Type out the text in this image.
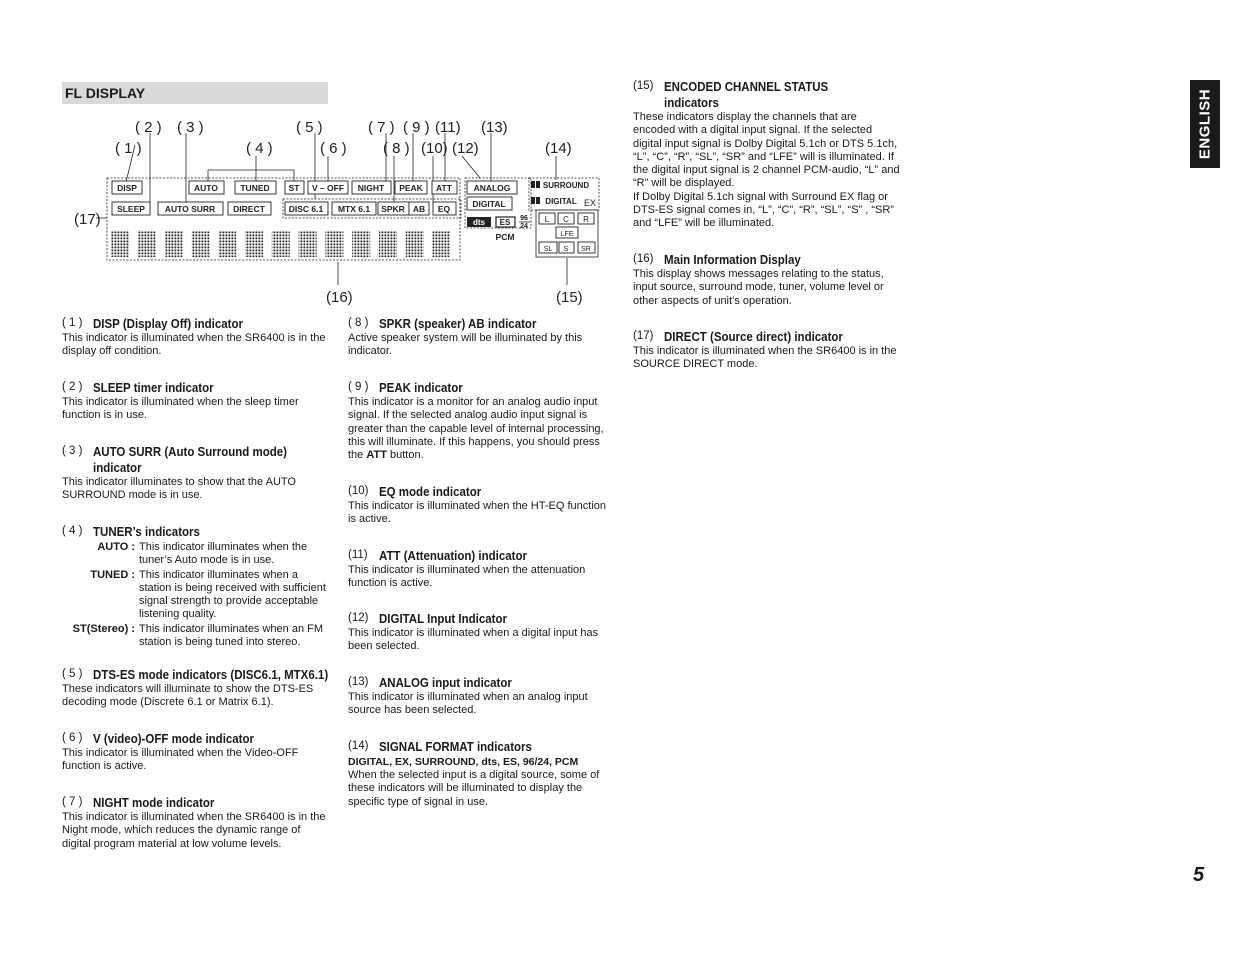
FL DISPLAY	ENGLISH
( 1 )
( 2 ) ( 3 )
( 4 )
( 5 )
( 6 )
( 7 )
( 8 )
( 9 )
(10)
(11)
(12)
(13)
(14)
(15)
(16)
(17)
DISP
SLEEP
AUTO	TUNED ST
AUTO SURR DIRECT
V – OFF NIGHT PEAK ATT
DISC 6.1 MTX 6.1 SPKR AB EQ
ANALOG
DIGITAL
SURROUND
DIGITAL EX
dts ES 96
24
PCM
L C R
LFE
SL S SR
( 1 ) DISP (Display Off) indicator
This indicator is illuminated when the SR6400 is in the display off condition.
( 2 ) SLEEP timer indicator
This indicator is illuminated when the sleep timer function is in use.
( 3 ) AUTO SURR (Auto Surround mode)
indicator
This indicator illuminates to show that the AUTO SURROUND mode is in use.
( 4 ) TUNER’s indicators
AUTO : This indicator illuminates when the tuner’s Auto mode is in use.
TUNED : This indicator illuminates when a station is being received with sufficient signal strength to provide acceptable listening quality.
ST(Stereo) : This indicator illuminates when an FM station is being tuned into stereo.
( 5 ) DTS-ES mode indicators (DISC6.1, MTX6.1)
These indicators will illuminate to show the DTS-ES decoding mode (Discrete 6.1 or Matrix 6.1).
( 6 ) V (video)-OFF mode indicator
This indicator is illuminated when the Video-OFF function is active.
( 7 ) NIGHT mode indicator
This indicator is illuminated when the SR6400 is in the Night mode, which reduces the dynamic range of digital program material at low volume levels.
( 8 ) SPKR (speaker) AB indicator
Active speaker system will be illuminated by this indicator.
( 9 ) PEAK indicator
This indicator is a monitor for an analog audio input signal. If the selected analog audio input signal is greater than the capable level of internal processing, this will illuminate. If this happens, you should press the ATT button.
(10) EQ mode indicator
This indicator is illuminated when the HT-EQ function is active.
(11) ATT (Attenuation) indicator
This indicator is illuminated when the attenuation function is active.
(12) DIGITAL Input Indicator
This indicator is illuminated when a digital input has been selected.
(13) ANALOG input indicator
This indicator is illuminated when an analog input source has been selected.
(14) SIGNAL FORMAT indicators
DIGITAL, EX, SURROUND, dts, ES, 96/24, PCM
When the selected input is a digital source, some of these indicators will be illuminated to display the specific type of signal in use.
(15) ENCODED CHANNEL STATUS
indicators
These indicators display the channels that are encoded with a digital input signal. If the selected digital input signal is Dolby Digital 5.1ch or DTS 5.1ch, “L”, “C”, “R”, “SL”, “SR” and “LFE” will is illuminated. If the digital input signal is 2 channel PCM-audio, “L” and “R” will be displayed.
If Dolby Digital 5.1ch signal with Surround EX flag or DTS-ES signal comes in, “L”, “C”, “R”, “SL”, “S” , “SR” and “LFE” will be illuminated.
(16) Main Information Display
This display shows messages relating to the status, input source, surround mode, tuner, volume level or other aspects of unit’s operation.
(17) DIRECT (Source direct) indicator
This indicator is illuminated when the SR6400 is in the SOURCE DIRECT mode.
5
